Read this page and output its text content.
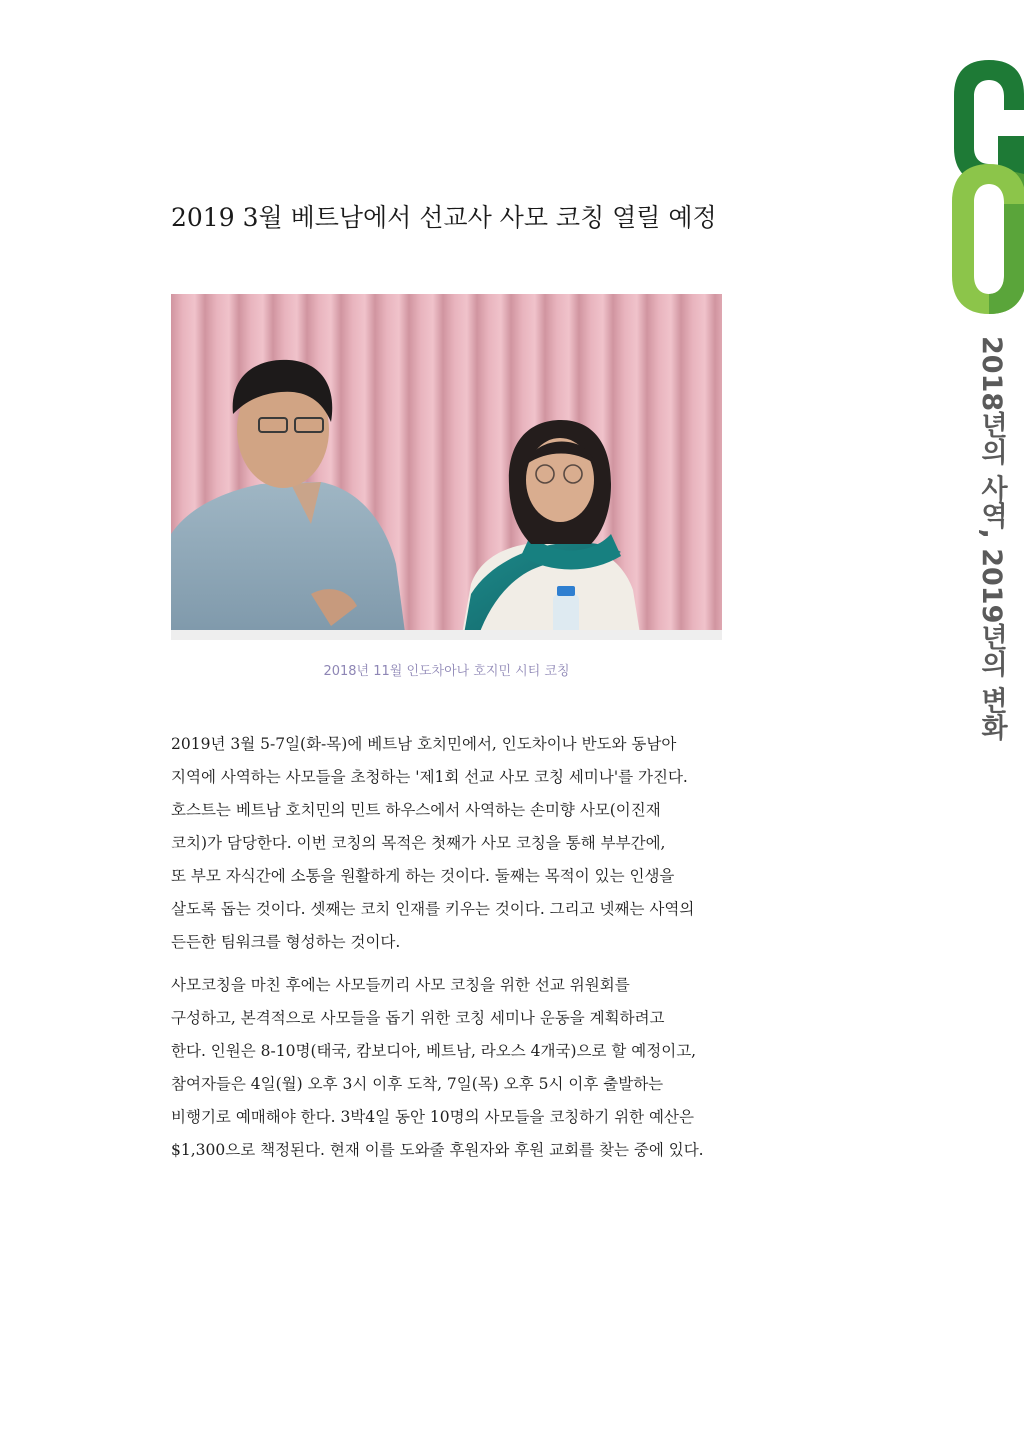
2018년의 사역, 2019년의 변화
2019 3월 베트남에서 선교사 사모 코칭 열릴 예정
2018년 11월 인도차아나 호지민 시티 코칭

2019년 3월 5-7일(화-목)에 베트남 호치민에서, 인도차이나 반도와 동남아
지역에 사역하는 사모들을 초청하는 '제1회 선교 사모 코칭 세미나'를 가진다.
호스트는 베트남 호치민의 민트 하우스에서 사역하는 손미향 사모(이진재
코치)가 담당한다. 이번 코칭의 목적은 첫째가 사모 코칭을 통해 부부간에,
또 부모 자식간에 소통을 원활하게 하는 것이다. 둘째는 목적이 있는 인생을
살도록 돕는 것이다. 셋째는 코치 인재를 키우는 것이다. 그리고 넷째는 사역의
든든한 팀워크를 형성하는 것이다.

사모코칭을 마친 후에는 사모들끼리 사모 코칭을 위한 선교 위원회를
구성하고, 본격적으로 사모들을 돕기 위한 코칭 세미나 운동을 계획하려고
한다. 인원은 8-10명(태국, 캄보디아, 베트남, 라오스 4개국)으로 할 예정이고,
참여자들은 4일(월) 오후 3시 이후 도착, 7일(목) 오후 5시 이후 출발하는
비행기로 예매해야 한다. 3박4일 동안 10명의 사모들을 코칭하기 위한 예산은
$1,300으로 책정된다. 현재 이를 도와줄 후원자와 후원 교회를 찾는 중에 있다.
